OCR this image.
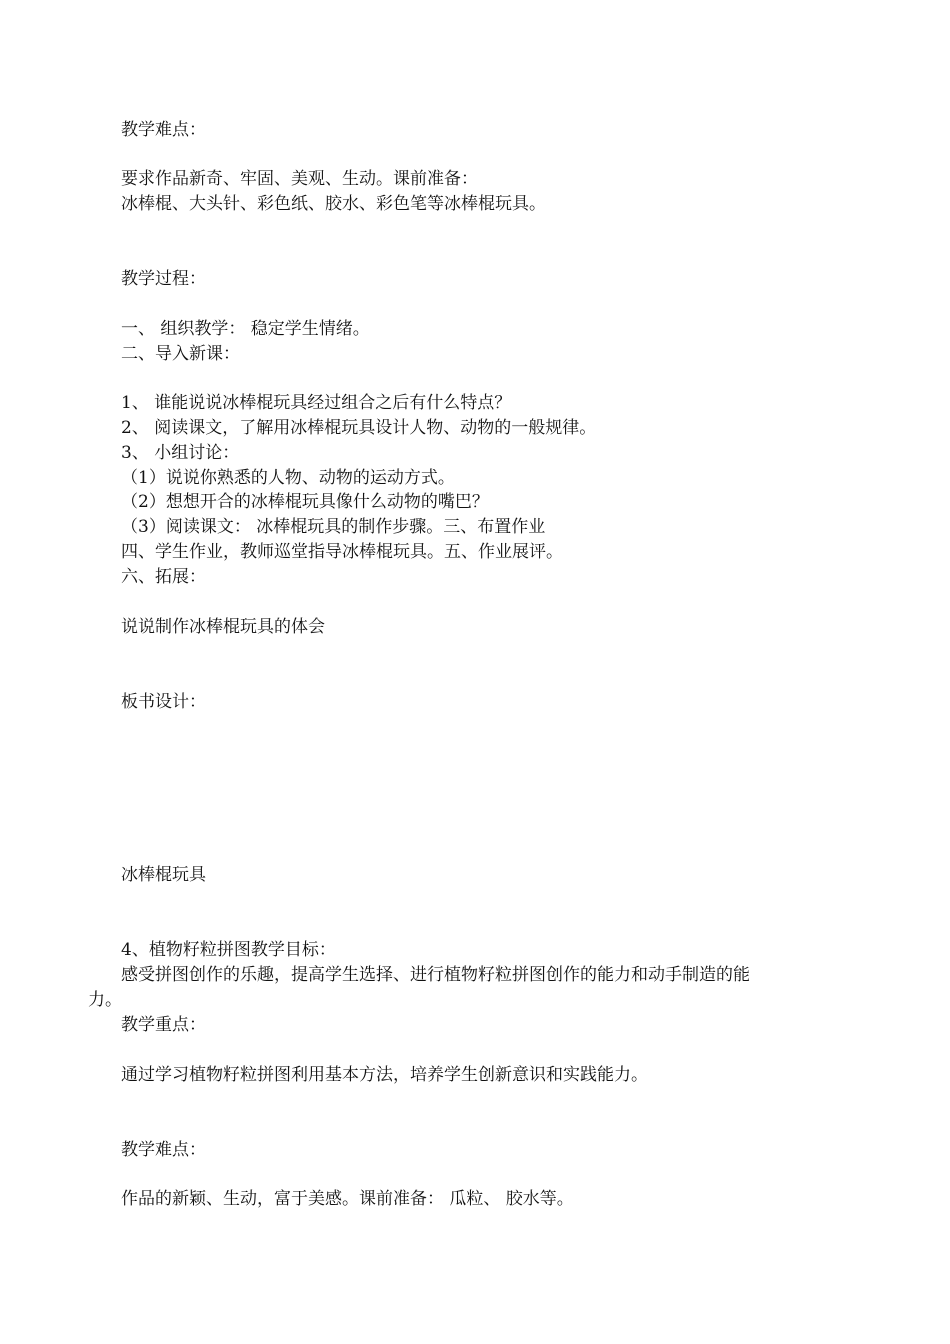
教学难点：
要求作品新奇、牢固、美观、生动。课前准备：
冰棒棍、大头针、彩色纸、胶水、彩色笔等冰棒棍玩具。
教学过程：
一、 组织教学： 稳定学生情绪。
二、导入新课：
1、 谁能说说冰棒棍玩具经过组合之后有什么特点？
2、 阅读课文，了解用冰棒棍玩具设计人物、动物的一般规律。
3、 小组讨论：
（1）说说你熟悉的人物、动物的运动方式。
（2）想想开合的冰棒棍玩具像什么动物的嘴巴？
（3）阅读课文： 冰棒棍玩具的制作步骤。三、布置作业
四、学生作业，教师巡堂指导冰棒棍玩具。五、作业展评。
六、拓展：
说说制作冰棒棍玩具的体会
板书设计：
冰棒棍玩具
4、植物籽粒拼图教学目标：
感受拼图创作的乐趣，提高学生选择、进行植物籽粒拼图创作的能力和动手制造的能
力。
教学重点：
通过学习植物籽粒拼图利用基本方法，培养学生创新意识和实践能力。
教学难点：
作品的新颖、生动，富于美感。课前准备： 瓜粒、 胶水等。
